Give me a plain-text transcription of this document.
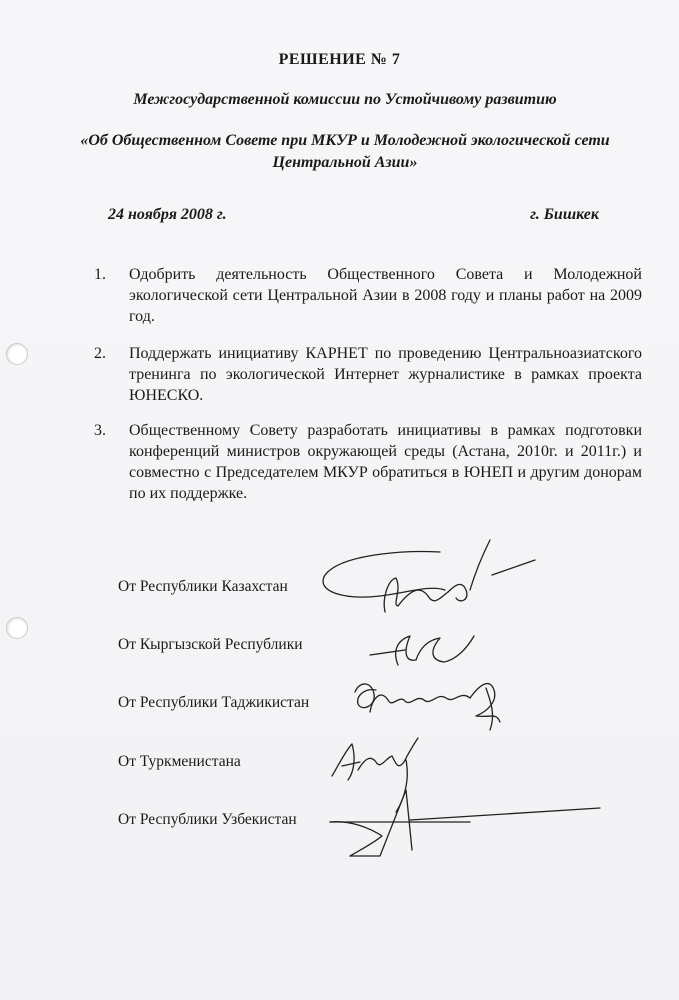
РЕШЕНИЕ № 7
Межгосударственной комиссии по Устойчивому развитию
«Об Общественном Совете при МКУР и Молодежной экологической сети Центральной Азии»
24 ноября 2008 г.	г. Бишкек
1.	Одобрить деятельность Общественного Совета и Молодежной экологической сети Центральной Азии в 2008 году и планы работ на 2009 год.
2.	Поддержать инициативу КАРНЕТ по проведению Центральноазиатского тренинга по экологической Интернет журналистике в рамках проекта ЮНЕСКО.
3.	Общественному Совету разработать инициативы в рамках подготовки конференций министров окружающей среды (Астана, 2010г. и 2011г.) и совместно с Председателем МКУР обратиться в ЮНЕП и другим донорам по их поддержке.
От Республики Казахстан
От Кыргызской Республики
От Республики Таджикистан
От Туркменистана
От Республики Узбекистан
